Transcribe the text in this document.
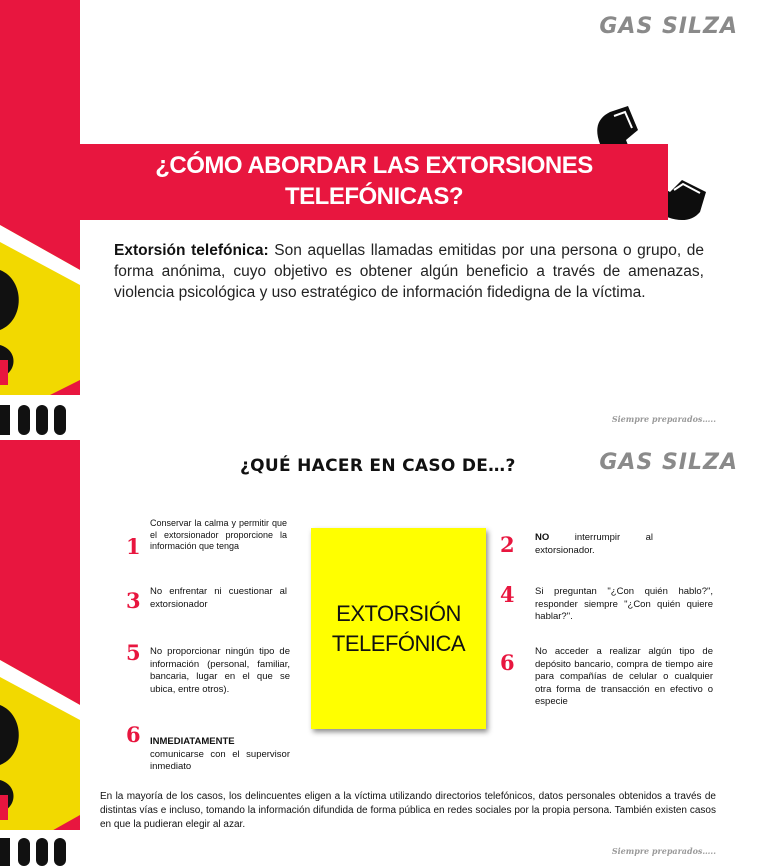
GAS SILZA
¿CÓMO ABORDAR LAS EXTORSIONES
TELEFÓNICAS?
Extorsión telefónica: Son aquellas llamadas emitidas por una persona o grupo, de forma anónima, cuyo objetivo es obtener algún beneficio a través de amenazas, violencia psicológica y uso estratégico de información fidedigna de la víctima.
Siempre preparados…..
GAS SILZA
¿QUÉ HACER EN CASO DE…?
EXTORSIÓN
TELEFÓNICA
1
Conservar la calma y permitir que el extorsionador proporcione la información que tenga	2 NO interrumpir al extorsionador.
3 No enfrentar ni cuestionar al extorsionador	4 Si preguntan "¿Con quién hablo?", responder siempre "¿Con quién quiere hablar?".
5 No proporcionar ningún tipo de información (personal, familiar, bancaria, lugar en el que se ubica, entre otros).
6 No acceder a realizar algún tipo de depósito bancario, compra de tiempo aire para compañías de celular o cualquier otra forma de transacción en efectivo o especie
6 INMEDIATAMENTE
comunicarse con el supervisor inmediato
En la mayoría de los casos, los delincuentes eligen a la víctima utilizando directorios telefónicos, datos personales obtenidos a través de distintas vías e incluso, tomando la información difundida de forma pública en redes sociales por la propia persona. También existen casos en que la pudieran elegir al azar.
Siempre preparados…..
